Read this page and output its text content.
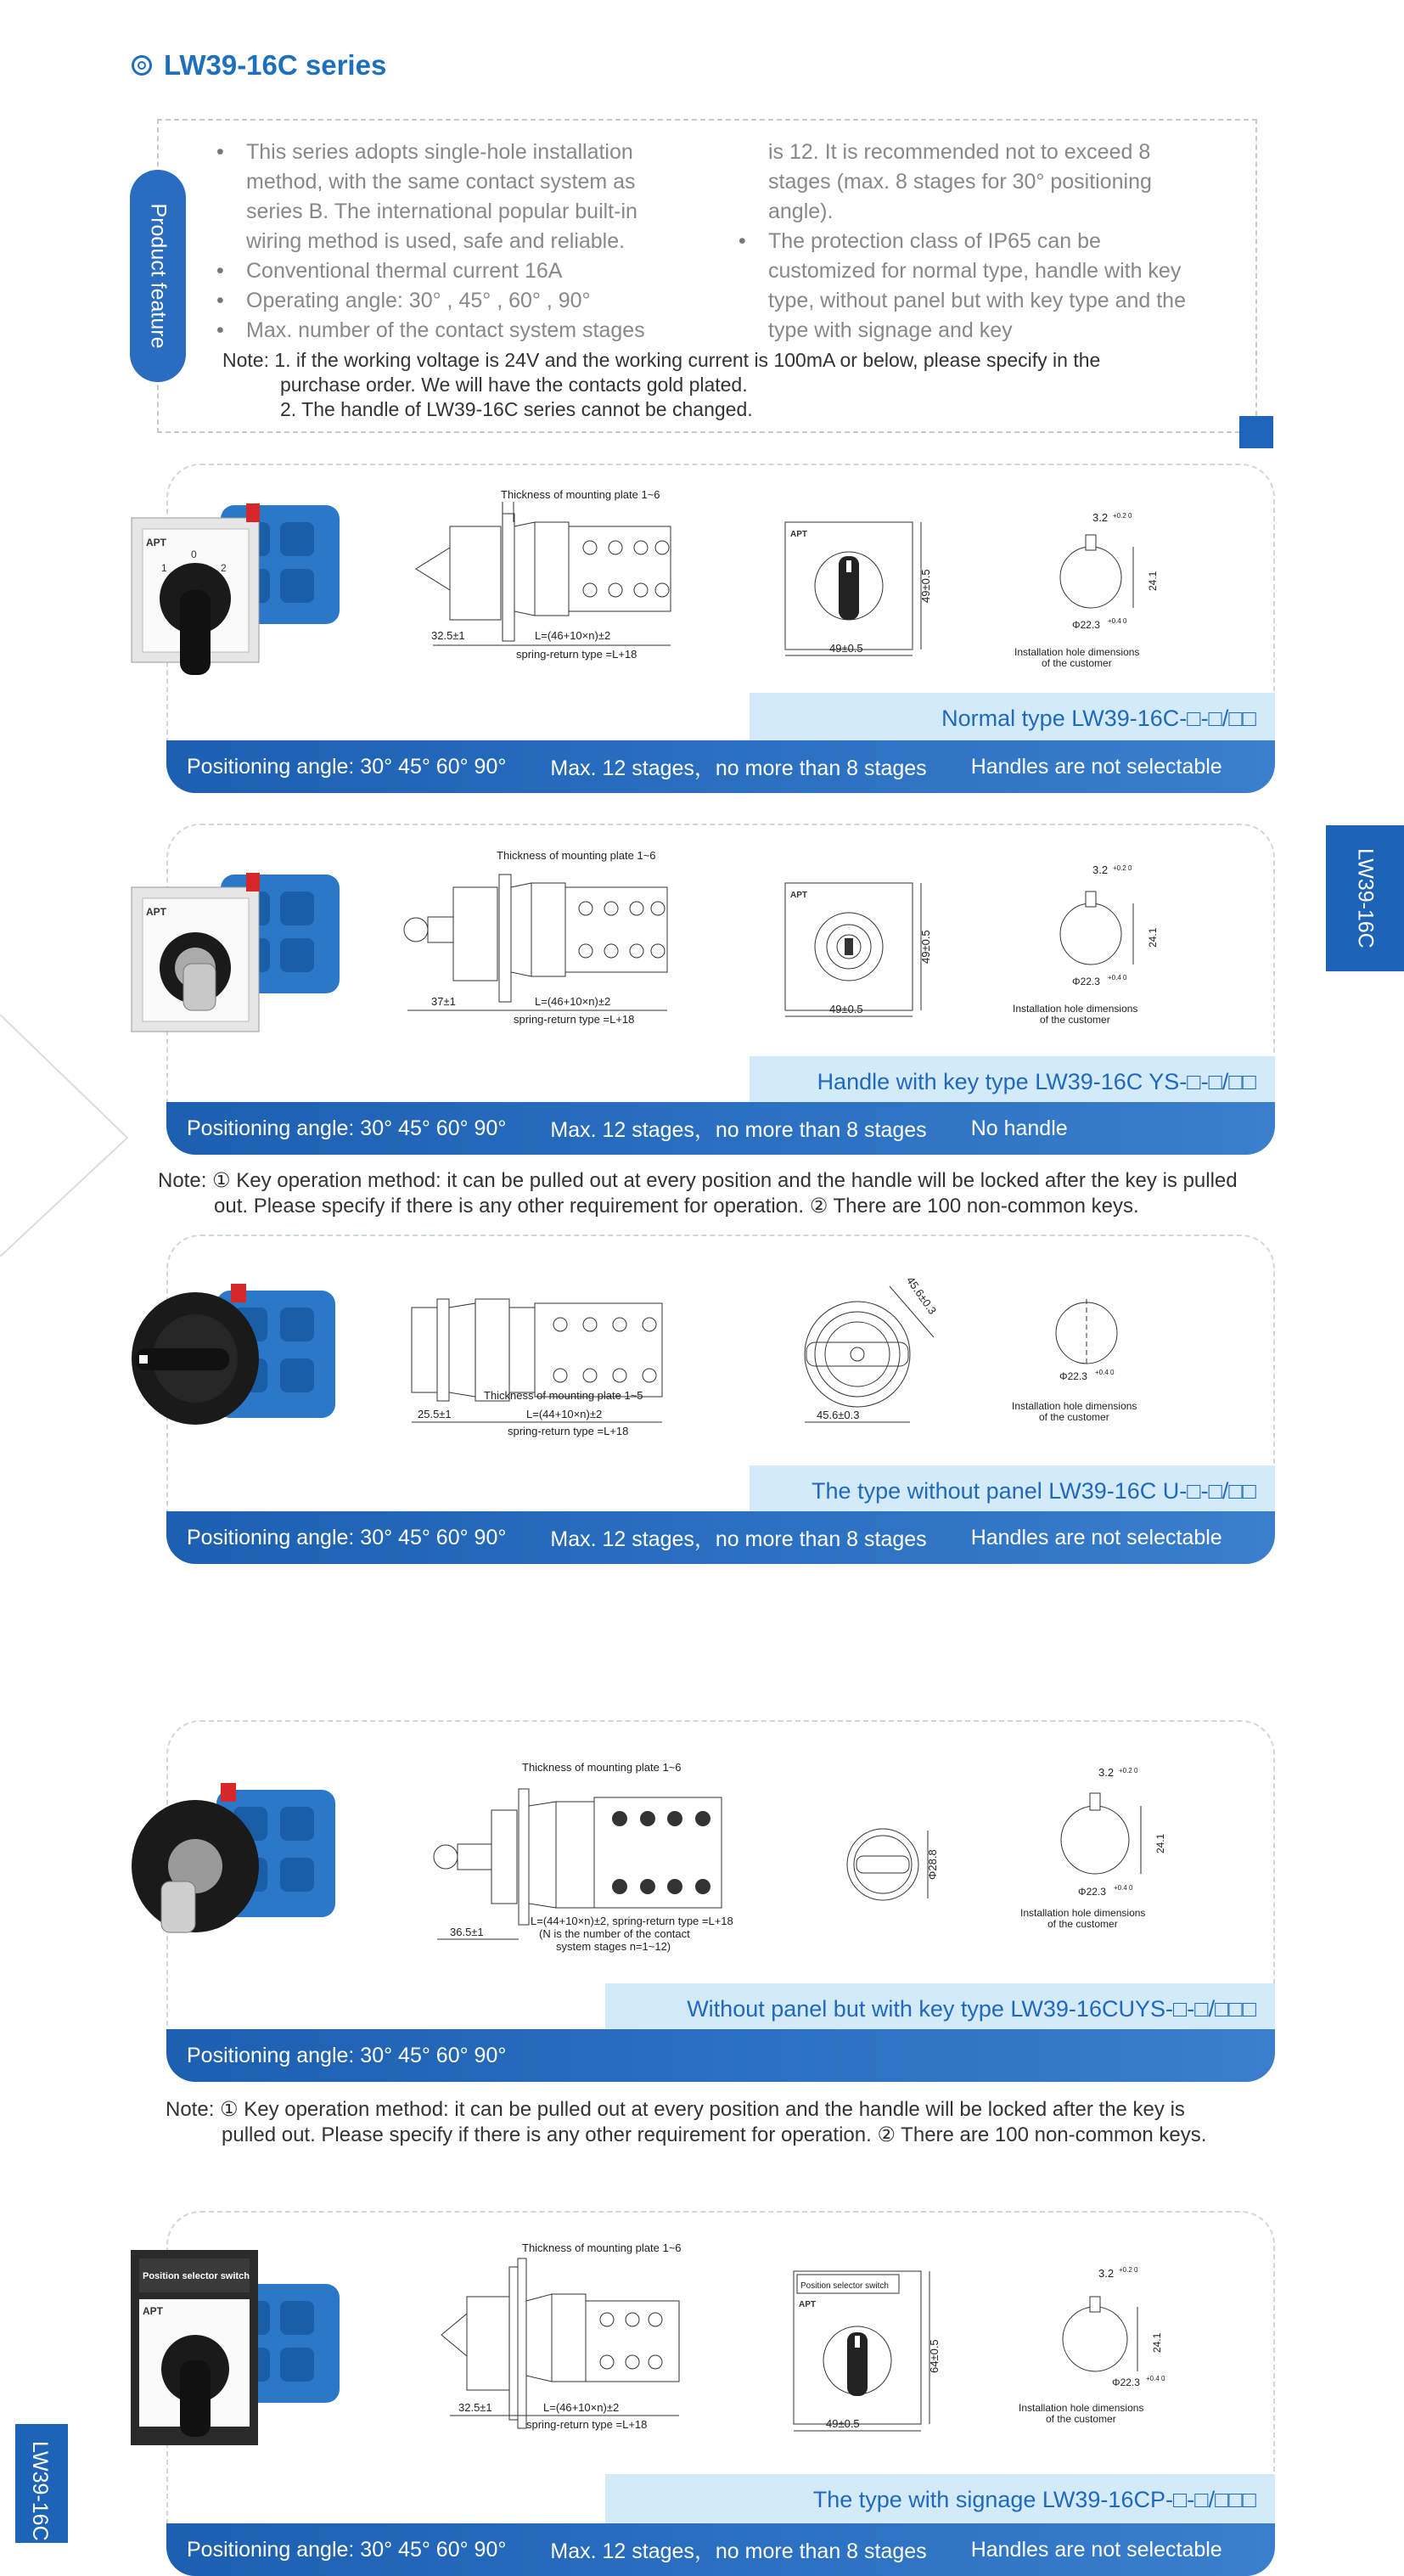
LW39-16C series
Product feature
• This series adopts single-hole installation method, with the same contact system as series B. The international popular built-in wiring method is used, safe and reliable.
• Conventional thermal current 16A
• Operating angle: 30° , 45° , 60° , 90°
• Max. number of the contact system stages
is 12. It is recommended not to exceed 8 stages (max. 8 stages for 30° positioning angle).
• The protection class of IP65 can be customized for normal type, handle with key type, without panel but with key type and the type with signage and key
Note: 1. if the working voltage is 24V and the working current is 100mA or below, please specify in the
purchase order. We will have the contacts gold plated.
2. The handle of LW39-16C series cannot be changed.
LW39-16C
LW39-16C
APT
1
0
2
Thickness of mounting plate 1~6
32.5±1	L=(46+10×n)±2
spring-return type =L+18
APT
49±0.5
49±0.5
3.2 +0.2 0
24.1
Φ22.3 +0.4 0
Installation hole dimensions
of the customer
Normal type LW39-16C-□-□/□□
Positioning angle: 30° 45° 60° 90° Max. 12 stages，no more than 8 stages Handles are not selectable
APT
Thickness of mounting plate 1~6
37±1	L=(46+10×n)±2
spring-return type =L+18
APT
49±0.5
49±0.5
3.2 +0.2 0
24.1
Φ22.3 +0.4 0
Installation hole dimensions
of the customer
Handle with key type LW39-16C YS-□-□/□□
Positioning angle: 30° 45° 60° 90° Max. 12 stages，no more than 8 stages No handle
Note: ① Key operation method: it can be pulled out at every position and the handle will be locked after the key is pulled
out. Please specify if there is any other requirement for operation. ② There are 100 non-common keys.
Thickness of mounting plate 1~5
25.5±1	L=(44+10×n)±2
spring-return type =L+18
45.6±0.3
45.6±0.3
Φ22.3 +0.4 0
Installation hole dimensions
of the customer
The type without panel LW39-16C U-□-□/□□
Positioning angle: 30° 45° 60° 90° Max. 12 stages，no more than 8 stages Handles are not selectable
Thickness of mounting plate 1~6
36.5±1
L=(44+10×n)±2, spring-return type =L+18
(N is the number of the contact
system stages n=1~12)
Φ28.8
3.2 +0.2 0
24.1
Φ22.3 +0.4 0
Installation hole dimensions
of the customer
Without panel but with key type LW39-16CUYS-□-□/□□□
Positioning angle: 30° 45° 60° 90°
Note: ① Key operation method: it can be pulled out at every position and the handle will be locked after the key is
pulled out. Please specify if there is any other requirement for operation. ② There are 100 non-common keys.
Position selector switch
APT
Thickness of mounting plate 1~6
32.5±1	L=(46+10×n)±2
spring-return type =L+18
Position selector switch
APT
49±0.5
64±0.5
3.2 +0.2 0
24.1
Φ22.3 +0.4 0
Installation hole dimensions
of the customer
The type with signage LW39-16CP-□-□/□□□
Positioning angle: 30° 45° 60° 90° Max. 12 stages，no more than 8 stages Handles are not selectable
